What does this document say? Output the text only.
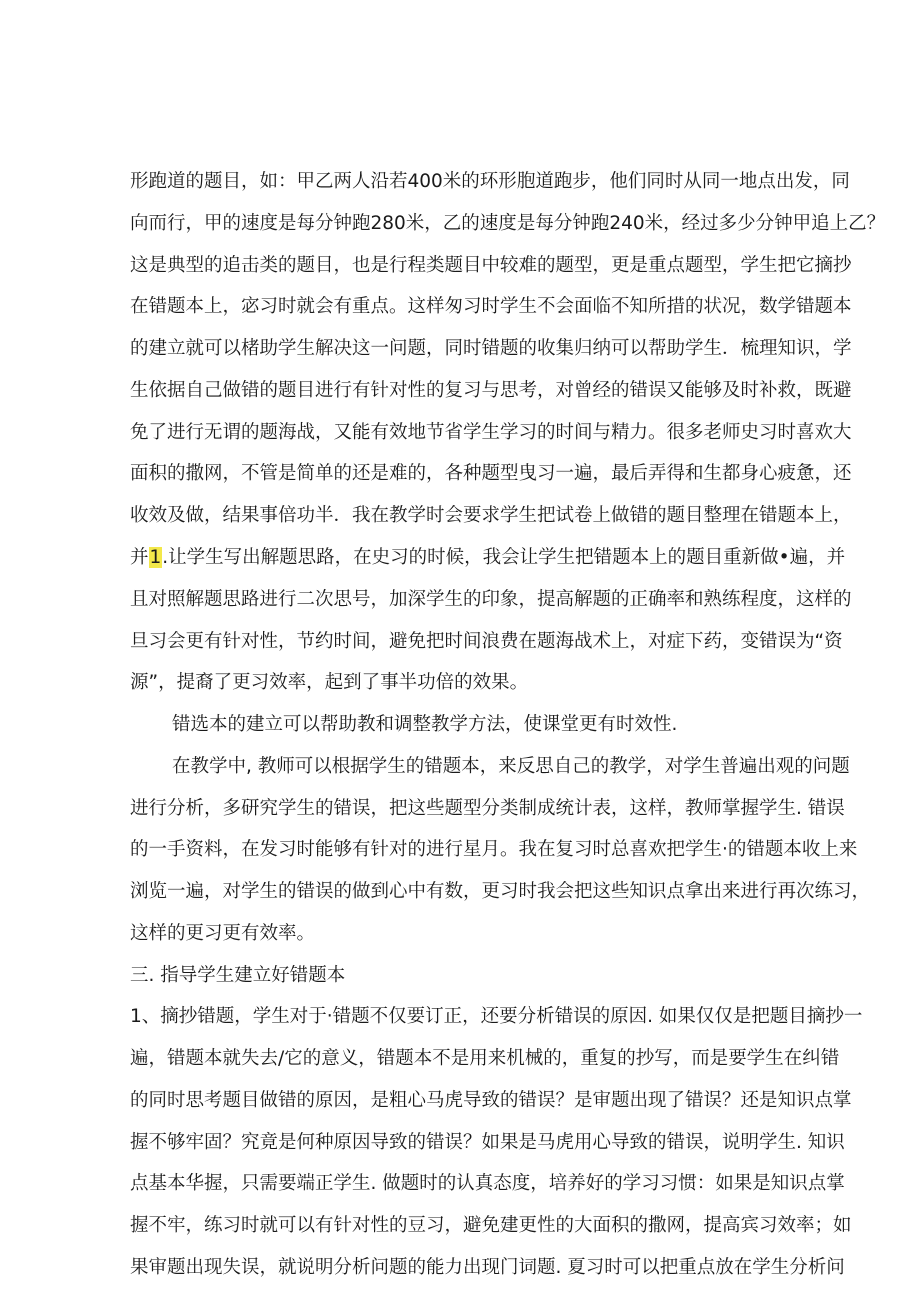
形跑道的题目，如：甲乙两人沿若400米的环形胞道跑步，他们同时从同一地点出发，同
向而行，甲的速度是每分钟跑280米，乙的速度是每分钟跑240米，经过多少分钟甲追上乙？
这是典型的追击类的题目，也是行程类题目中较难的题型，更是重点题型，学生把它摘抄
在错题本上，宓习时就会有重点。这样匆习时学生不会面临不知所措的状况，数学错题本
的建立就可以楮助学生解决这一问题，同时错题的收集归纳可以帮助学生．梳理知识，学
生依据自己做错的题目进行有针对性的复习与思考，对曾经的错误又能够及时补救，既避
免了进行无谓的题海战，又能有效地节省学生学习的时间与精力。很多老师史习时喜欢大
面积的撒网，不管是简单的还是难的，各种题型曳习一遍，最后弄得和生都身心疲惫，还
收效及做，结果事倍功半．我在教学时会要求学生把试卷上做错的题目整理在错题本上，
并1.让学生写出解题思路，在史习的时候，我会让学生把错题本上的题目重新做•遍，并
且对照解题思路进行二次思号，加深学生的印象，提高解题的正确率和熟练程度，这样的
旦习会更有针对性，节约时间，避免把时间浪费在题海战术上，对症下药，变错误为“资
源”，提裔了更习效率，起到了事半功倍的效果。
错选本的建立可以帮助教和调整教学方法，使课堂更有时效性.
在教学中, 教师可以根据学生的错题本，来反思自己的教学，对学生普遍出观的问题
进行分析，多研究学生的错误，把这些题型分类制成统计表，这样，教师掌握学生. 错误
的一手资料，在发习时能够有针对的进行星月。我在复习时总喜欢把学生·的错题本收上来
浏览一遍，对学生的错误的做到心中有数，更习时我会把这些知识点拿出来进行再次练习，
这样的更习更有效率。
三. 指导学生建立好错题本
1、摘抄错题，学生对于·错题不仅要订正，还要分析错误的原因. 如果仅仅是把题目摘抄一
遍，错题本就失去/它的意义，错题本不是用来机械的，重复的抄写，而是要学生在纠错
的同时思考题目做错的原因，是粗心马虎导致的错误？是审题出现了错误？还是知识点掌
握不够牢固？究竟是何种原因导致的错误？如果是马虎用心导致的错误，说明学生. 知识
点基本华握，只需要端正学生. 做题时的认真态度，培养好的学习习惯：如果是知识点掌
握不牢，练习时就可以有针对性的豆习，避免建更性的大面积的撒网，提高宾习效率；如
果审题出现失误，就说明分析问题的能力出现门词题. 夏习时可以把重点放在学生分析问
